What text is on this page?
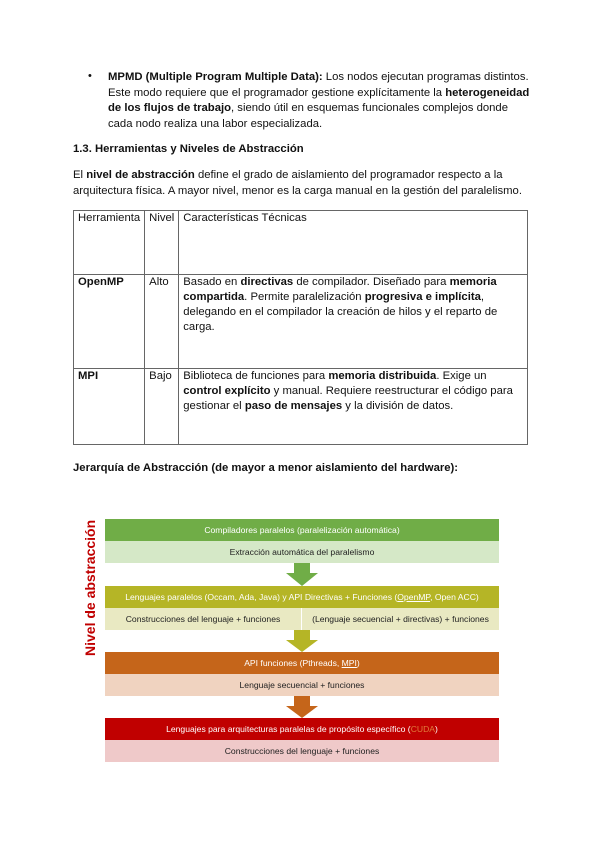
• MPMD (Multiple Program Multiple Data): Los nodos ejecutan programas distintos. Este modo requiere que el programador gestione explícitamente la heterogeneidad de los flujos de trabajo, siendo útil en esquemas funcionales complejos donde cada nodo realiza una labor especializada.
1.3. Herramientas y Niveles de Abstracción
El nivel de abstracción define el grado de aislamiento del programador respecto a la arquitectura física. A mayor nivel, menor es la carga manual en la gestión del paralelismo.
Herramienta	Nivel	Características Técnicas
OpenMP	Alto	Basado en directivas de compilador. Diseñado para memoria compartida. Permite paralelización progresiva e implícita, delegando en el compilador la creación de hilos y el reparto de carga.
MPI	Bajo	Biblioteca de funciones para memoria distribuida. Exige un control explícito y manual. Requiere reestructurar el código para gestionar el paso de mensajes y la división de datos.
Jerarquía de Abstracción (de mayor a menor aislamiento del hardware):
Nivel de abstracción	Compiladores paralelos (paralelización automática)
Extracción automática del paralelismo
Lenguajes paralelos (Occam, Ada, Java) y API Directivas + Funciones (OpenMP, Open ACC)
Construcciones del lenguaje + funciones	(Lenguaje secuencial + directivas) + funciones
API funciones (Pthreads, MPI)
Lenguaje secuencial + funciones
Lenguajes para arquitecturas paralelas de propósito específico (CUDA)
Construcciones del lenguaje + funciones
